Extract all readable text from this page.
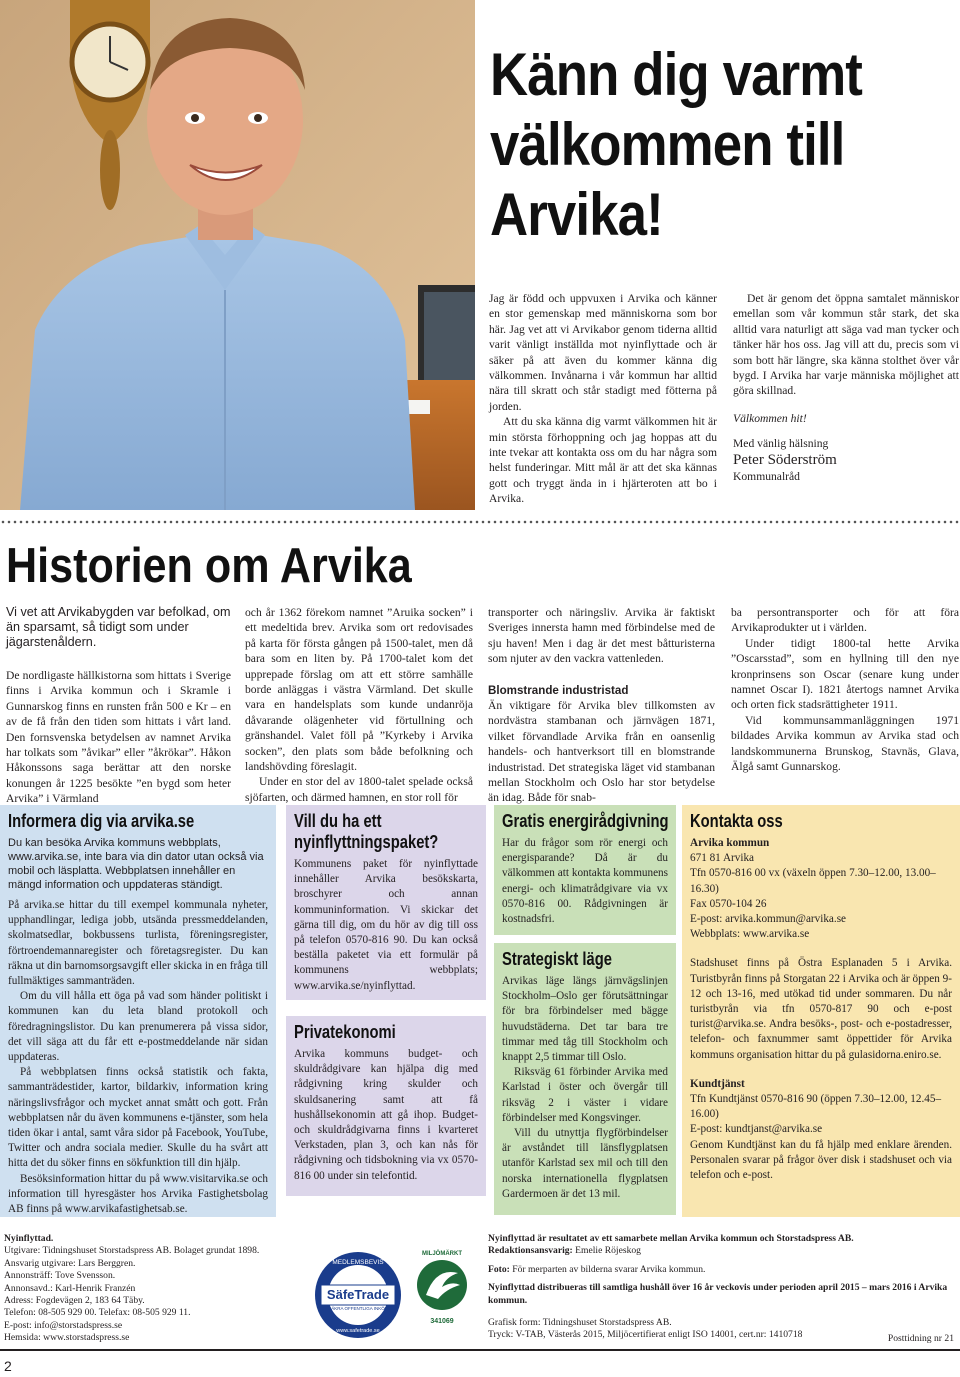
Känn dig varmt välkommen till Arvika!

Jag är född och uppvuxen i Arvika och känner en stor gemenskap med människorna som bor här. Jag vet att vi Arvikabor genom tiderna alltid varit vänligt inställda mot nyinflyttade och är säker på att även du kommer känna dig välkommen. Invånarna i vår kommun har alltid nära till skratt och står stadigt med fötterna på jorden.

Att du ska känna dig varmt välkommen hit är min största förhoppning och jag hoppas att du inte tvekar att kontakta oss om du har några som helst funderingar. Mitt mål är att det ska kännas gott och tryggt ända in i hjärteroten att bo i Arvika.

Det är genom det öppna samtalet människor emellan som vår kommun står stark, det ska alltid vara naturligt att säga vad man tycker och tänker här hos oss. Jag vill att du, precis som vi som bott här längre, ska känna stolthet över vår bygd. I Arvika har varje människa möjlighet att göra skillnad.

Välkommen hit!

Med vänlig hälsning

Peter Söderström

Kommunalråd

Historien om Arvika
Vi vet att Arvikabygden var befolkad, om än sparsamt, så tidigt som under jägarstenåldern.

De nordligaste hällkistorna som hittats i Sverige finns i Arvika kommun och i Skramle i Gunnarskog finns en runsten från 500 e Kr – en av de få från den tiden som hittats i vårt land. Den fornsvenska betydelsen av namnet Arvika har tolkats som ”åvikar” eller ”åkrökar”. Håkon Håkonssons saga berättar att den norske konungen år 1225 besökte ”en bygd som heter Arvika” i Värmland

och år 1362 förekom namnet ”Aruika socken” i ett medeltida brev. Arvika som ort redovisades på karta för första gången på 1500-talet, men då bara som en liten by. På 1700-talet kom det upprepade förslag om att ett större samhälle borde anläggas i västra Värmland. Det skulle vara en handelsplats som kunde undanröja dåvarande olägenheter vid förtullning och gränshandel. Valet föll på ”Kyrkeby i Arvika socken”, den plats som både befolkning och landshövding föreslagit.

Under en stor del av 1800-talet spelade också sjöfarten, och därmed hamnen, en stor roll för

transporter och näringsliv. Arvika är faktiskt Sveriges innersta hamn med förbindelse med de sju haven! Men i dag är det mest båtturisterna som njuter av den vackra vattenleden.

Blomstrande industristad

Än viktigare för Arvika blev tillkomsten av nordvästra stambanan och järnvägen 1871, vilket förvandlade Arvika från en oansenlig handels- och hantverksort till en blomstrande industristad. Det strategiska läget vid stambanan mellan Stockholm och Oslo har stor betydelse än idag. Både för snab-

ba persontransporter och för att föra Arvikaprodukter ut i världen.

Under tidigt 1800-tal hette Arvika ”Oscarsstad”, som en hyllning till den nye kronprinsens son Oscar (senare kung under namnet Oscar I). 1821 återtogs namnet Arvika och orten fick stadsrättigheter 1911.

Vid kommunsammanläggningen 1971 bildades Arvika kommun av Arvika stad och landskommunerna Brunskog, Stavnäs, Glava, Älgå samt Gunnarskog.

Informera dig via arvika.se
Du kan besöka Arvika kommuns webbplats, www.arvika.se, inte bara via din dator utan också via mobil och läsplatta. Webbplatsen innehåller en mängd information och uppdateras ständigt.

På arvika.se hittar du till exempel kommunala nyheter, upphandlingar, lediga jobb, utsända pressmeddelanden, skolmatsedlar, bokbussens turlista, föreningsregister, förtroendemannaregister och företagsregister. Du kan räkna ut din barnomsorgsavgift eller skicka in en fråga till fullmäktiges sammanträden.

Om du vill hålla ett öga på vad som händer politiskt i kommunen kan du leta bland protokoll och föredragningslistor. Du kan prenumerera på vissa sidor, det vill säga att du får ett e-postmeddelande när sidan uppdateras.

På webbplatsen finns också statistik och fakta, sammanträdestider, kartor, bildarkiv, information kring näringslivsfrågor och mycket annat smått och gott. Från webbplatsen når du även kommunens e-tjänster, som hela tiden ökar i antal, samt våra sidor på Facebook, YouTube, Twitter och andra sociala medier. Skulle du ha svårt att hitta det du söker finns en sökfunktion till din hjälp.

Besöksinformation hittar du på www.visitarvika.se och information till hyresgäster hos Arvika Fastighetsbolag AB finns på www.arvikafastighetsab.se.

Vill du ha ett
nyinflyttningspaket?
Kommunens paket för nyinflyttade innehåller Arvika besökskarta, broschyrer och annan kommuninformation. Vi skickar det gärna till dig, om du hör av dig till oss på telefon 0570-816 90. Du kan också beställa paketet via ett formulär på kommunens webbplats; www.arvika.se/nyinflyttad.
Privatekonomi
Arvika kommuns budget- och skuldrådgivare kan hjälpa dig med rådgivning kring skulder och skuldsanering samt att få hushållsekonomin att gå ihop. Budget- och skuldrådgivarna finns i kvarteret Verkstaden, plan 3, och kan nås för rådgivning och tidsbokning via vx 0570-816 00 under sin telefontid.
Gratis energirådgivning
Har du frågor som rör energi och energisparande? Då är du välkommen att kontakta kommunens energi- och klimatrådgivare via vx 0570-816 00. Rådgivningen är kostnadsfri.
Strategiskt läge

Arvikas läge längs järnvägslinjen Stockholm–Oslo ger förutsättningar för bra förbindelser med bägge huvudstäderna. Det tar bara tre timmar med tåg till Stockholm och knappt 2,5 timmar till Oslo.

Riksväg 61 förbinder Arvika med Karlstad i öster och övergår till riksväg 2 i väster i vidare förbindelser med Kongsvinger.

Vill du utnyttja flygförbindelser är avståndet till länsflygplatsen utanför Karlstad sex mil och till den norska internationella flygplatsen Gardermoen är det 13 mil.

Kontakta oss

Arvika kommun

671 81 Arvika

Tfn 0570-816 00 vx (växeln öppen 7.30–12.00, 13.00–16.30)

Fax 0570-104 26

E-post: arvika.kommun@arvika.se

Webbplats: www.arvika.se

Stadshuset finns på Östra Esplanaden 5 i Arvika. Turistbyrån finns på Storgatan 22 i Arvika och är öppen 9-12 och 13-16, med utökad tid under sommaren. Du når turistbyrån via tfn 0570-817 90 och e-post turist@arvika.se. Andra besöks-, post- och e-postadresser, telefon- och faxnummer samt öppettider för Arvika kommuns organisation hittar du på gulasidorna.eniro.se.

Kundtjänst

Tfn Kundtjänst 0570-816 90 (öppen 7.30–12.00, 12.45–16.00)

E-post: kundtjanst@arvika.se

Genom Kundtjänst kan du få hjälp med enklare ärenden. Personalen svarar på frågor över disk i stadshuset och via telefon och e-post.

Nyinflyttad.
Utgivare: Tidningshuset Storstadspress AB. Bolaget grundat 1898.
Ansvarig utgivare: Lars Berggren.
Annonsträff: Tove Svensson.
Annonsavd.: Karl-Henrik Franzén
Adress: Fogdevägen 2, 183 64 Täby.
Telefon: 08-505 929 00. Telefax: 08-505 929 11.
E-post: info@storstadspress.se
Hemsida: www.storstadspress.se
MEDLEMSBEVIS
SäfeTrade
SÄKRA OFFENTLIGA INKÖP
www.safetrade.se
MILJÖMÄRKT
341069
Nyinflyttad är resultatet av ett samarbete mellan Arvika kommun och Storstadspress AB.
Redaktionsansvarig: Emelie Röjeskog
Foto: För merparten av bilderna svarar Arvika kommun.
Nyinflyttad distribueras till samtliga hushåll över 16 år veckovis under perioden april 2015 – mars 2016 i Arvika kommun.
Grafisk form: Tidningshuset Storstadspress AB.
Tryck: V-TAB, Västerås 2015, Miljöcertifierat enligt ISO 14001, cert.nr: 1410718	Posttidning nr 21
2
